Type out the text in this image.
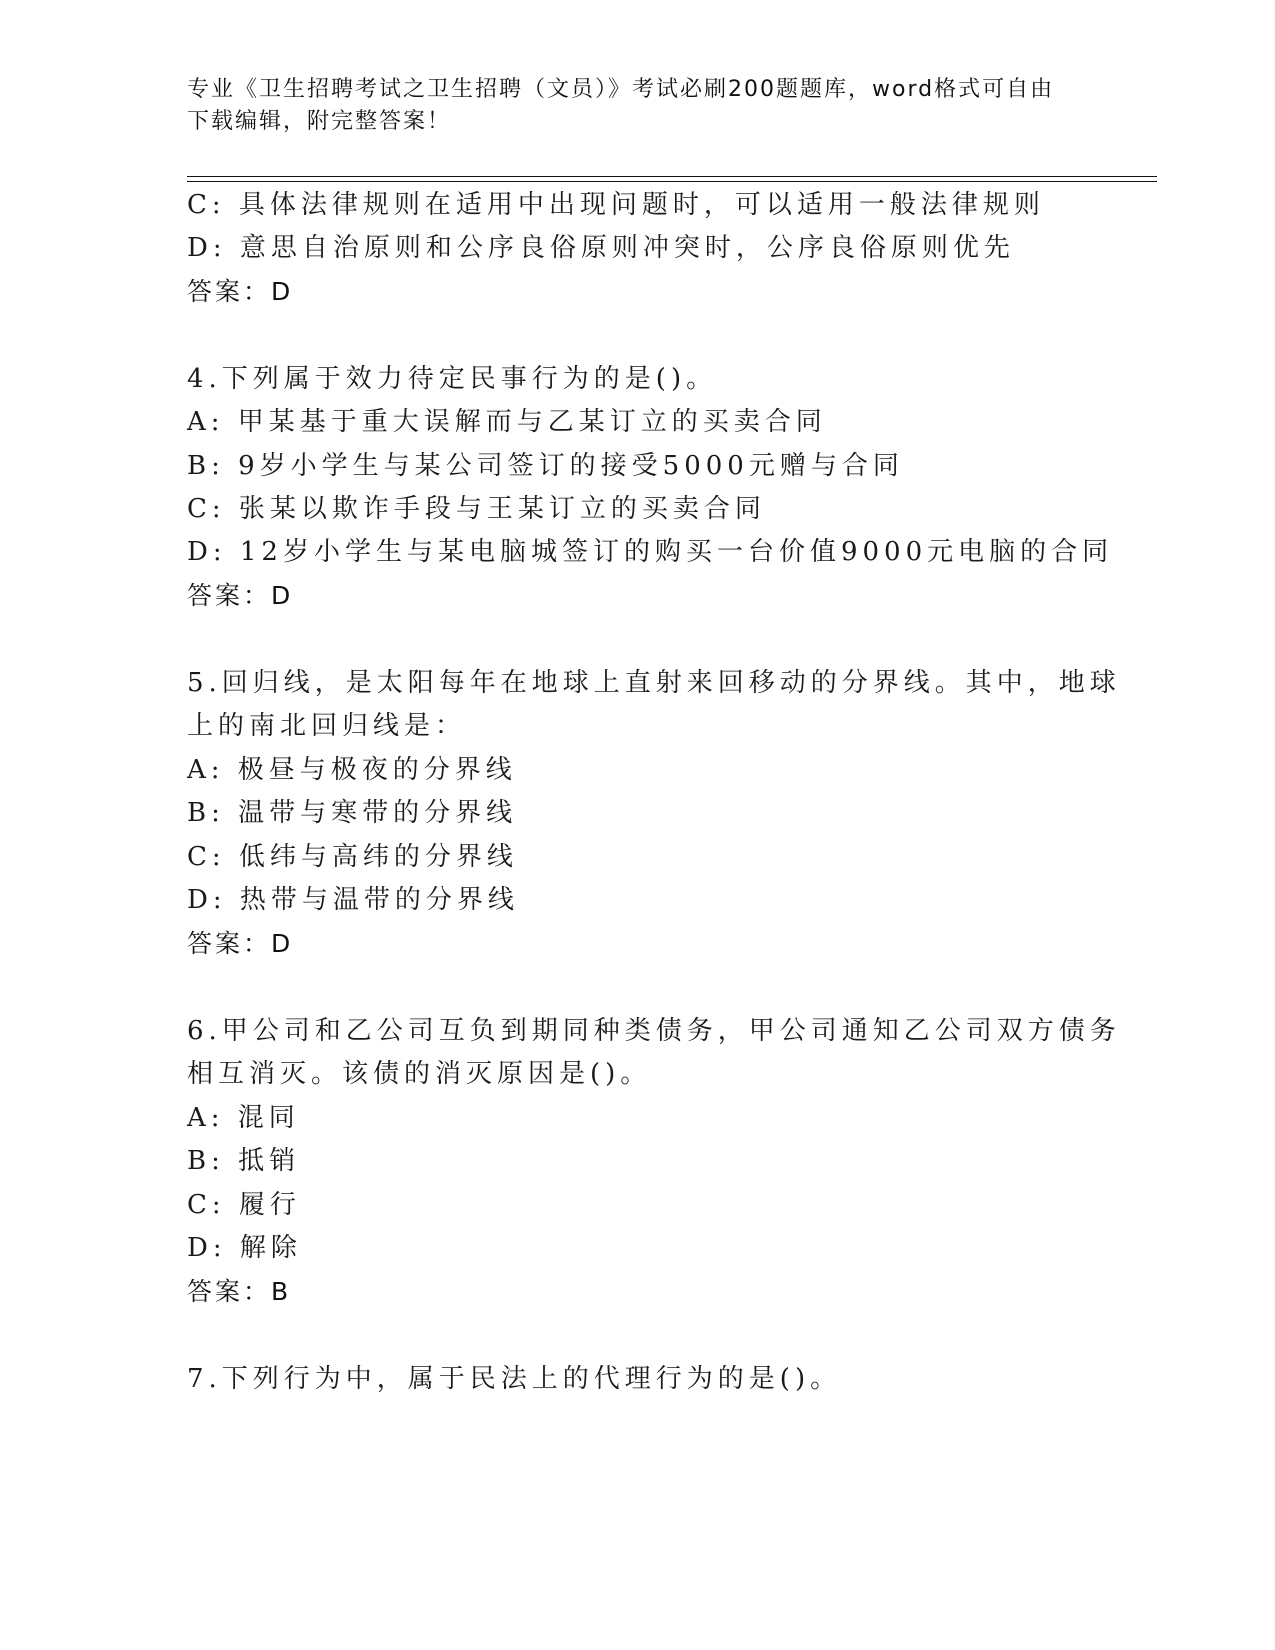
专业《卫生招聘考试之卫生招聘（文员）》考试必刷200题题库，word格式可自由下载编辑，附完整答案！
C: 具体法律规则在适用中出现问题时，可以适用一般法律规则
D: 意思自治原则和公序良俗原则冲突时，公序良俗原则优先
答案：D
4.下列属于效力待定民事行为的是()。
A: 甲某基于重大误解而与乙某订立的买卖合同
B: 9岁小学生与某公司签订的接受5000元赠与合同
C: 张某以欺诈手段与王某订立的买卖合同
D: 12岁小学生与某电脑城签订的购买一台价值9000元电脑的合同
答案：D
5.回归线，是太阳每年在地球上直射来回移动的分界线。其中，地球
上的南北回归线是：
A: 极昼与极夜的分界线
B: 温带与寒带的分界线
C: 低纬与高纬的分界线
D: 热带与温带的分界线
答案：D
6.甲公司和乙公司互负到期同种类债务，甲公司通知乙公司双方债务
相互消灭。该债的消灭原因是()。
A: 混同
B: 抵销
C: 履行
D: 解除
答案：B
7.下列行为中，属于民法上的代理行为的是()。
